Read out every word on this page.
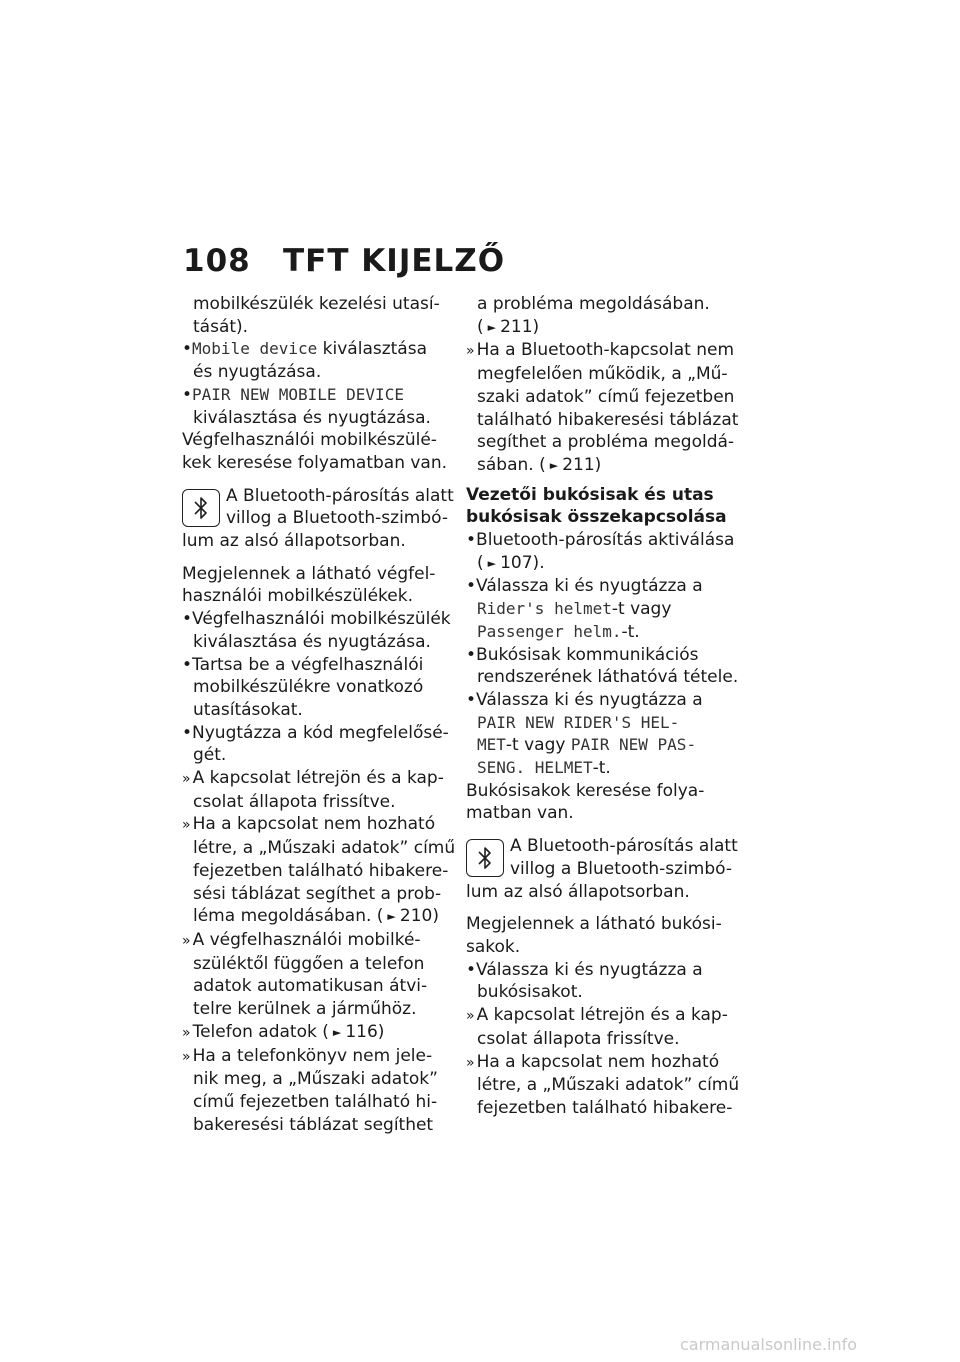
108 TFT KIJELZŐ
mobilkészülék kezelési utasí-
tását).
• Mobile device kiválasztása
és nyugtázása.
• PAIR NEW MOBILE DEVICE
kiválasztása és nyugtázása.
Végfelhasználói mobilkészülé-
kek keresése folyamatban van.
A Bluetooth-párosítás alatt
villog a Bluetooth-szimbó-
lum az alsó állapotsorban.
Megjelennek a látható végfel-
használói mobilkészülékek.
• Végfelhasználói mobilkészülék
kiválasztása és nyugtázása.
• Tartsa be a végfelhasználói
mobilkészülékre vonatkozó
utasításokat.
• Nyugtázza a kód megfelelősé-
gét.
» A kapcsolat létrejön és a kap-
csolat állapota frissítve.
» Ha a kapcsolat nem hozható
létre, a „Műszaki adatok” című
fejezetben található hibakere-
sési táblázat segíthet a prob-
léma megoldásában. ( ► 210)
» A végfelhasználói mobilké-
szüléktől függően a telefon
adatok automatikusan átvi-
telre kerülnek a járműhöz.
» Telefon adatok ( ► 116)
» Ha a telefonkönyv nem jele-
nik meg, a „Műszaki adatok”
című fejezetben található hi-
bakeresési táblázat segíthet
a probléma megoldásában.
( ► 211)
» Ha a Bluetooth-kapcsolat nem
megfelelően működik, a „Mű-
szaki adatok” című fejezetben
található hibakeresési táblázat
segíthet a probléma megoldá-
sában. ( ► 211)
Vezetői bukósisak és utas
bukósisak összekapcsolása
• Bluetooth-párosítás aktiválása
( ► 107).
• Válassza ki és nyugtázza a
Rider's helmet-t vagy
Passenger helm.-t.
• Bukósisak kommunikációs
rendszerének láthatóvá tétele.
• Válassza ki és nyugtázza a
PAIR NEW RIDER'S HEL-
MET-t vagy PAIR NEW PAS-
SENG. HELMET-t.
Bukósisakok keresése folya-
matban van.
A Bluetooth-párosítás alatt
villog a Bluetooth-szimbó-
lum az alsó állapotsorban.
Megjelennek a látható bukósi-
sakok.
• Válassza ki és nyugtázza a
bukósisakot.
» A kapcsolat létrejön és a kap-
csolat állapota frissítve.
» Ha a kapcsolat nem hozható
létre, a „Műszaki adatok” című
fejezetben található hibakere-
carmanualsonline.info
